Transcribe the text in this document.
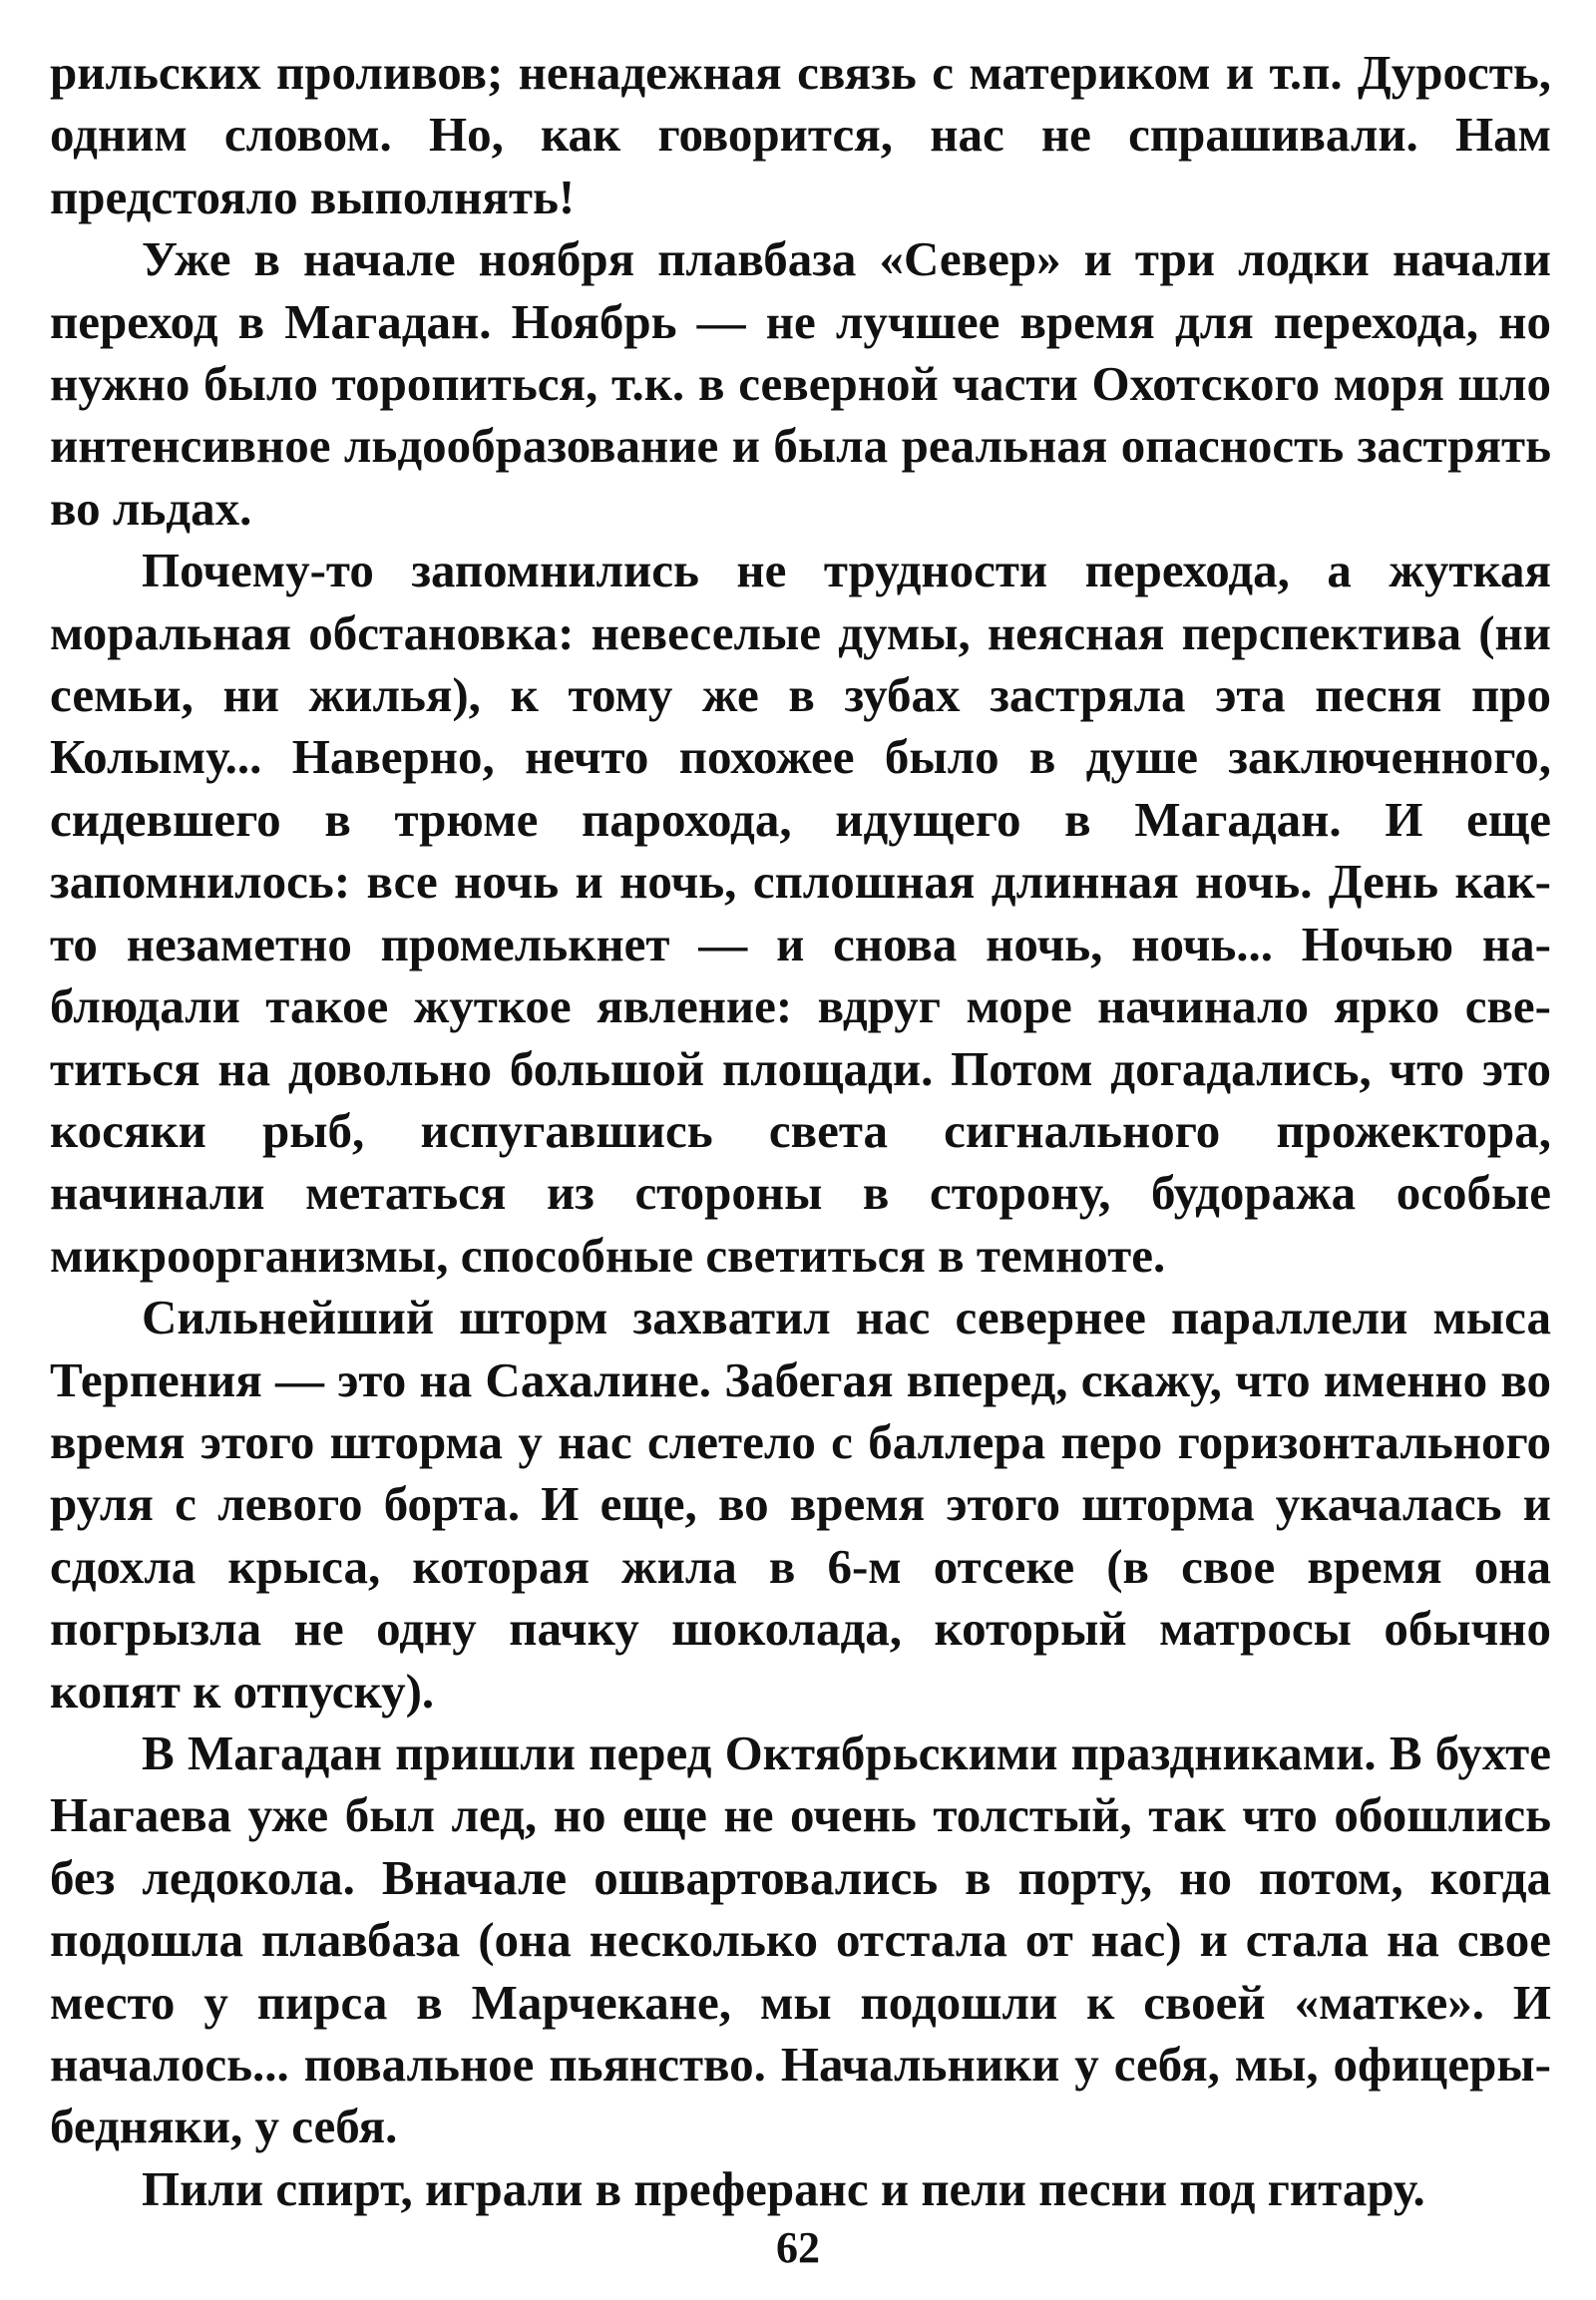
рильских проливов; ненадежная связь с материком и т.п. Дурость, одним словом. Но, как говорится, нас не спрашивали. Нам предстояло выполнять!

Уже в начале ноября плавбаза «Север» и три лодки начали переход в Магадан. Ноябрь — не лучшее время для перехода, но нужно было торопиться, т.к. в северной части Охотского моря шло интенсивное льдообразование и была реальная опасность застрять во льдах.

Почему-то запомнились не трудности перехода, а жуткая моральная обстановка: невеселые думы, неясная перспектива (ни семьи, ни жилья), к тому же в зубах застряла эта песня про Колыму... Наверно, нечто похожее было в душе заключенного, сидевшего в трюме парохода, идущего в Магадан. И еще запомнилось: все ночь и ночь, сплошная длинная ночь. День как-то незаметно промелькнет — и снова ночь, ночь... Ночью наблюдали такое жуткое явление: вдруг море начинало ярко светиться на довольно большой площади. Потом догадались, что это косяки рыб, испугавшись света сигнального прожектора, начинали метаться из стороны в сторону, будоража особые микроорганизмы, способные светиться в темноте.

Сильнейший шторм захватил нас севернее параллели мыса Терпения — это на Сахалине. Забегая вперед, скажу, что именно во время этого шторма у нас слетело с баллера перо горизонтального руля с левого борта. И еще, во время этого шторма укачалась и сдохла крыса, которая жила в 6-м отсеке (в свое время она погрызла не одну пачку шоколада, который матросы обычно копят к отпуску).

В Магадан пришли перед Октябрьскими праздниками. В бухте Нагаева уже был лед, но еще не очень толстый, так что обошлись без ледокола. Вначале ошвартовались в порту, но потом, когда подошла плавбаза (она несколько отстала от нас) и стала на свое место у пирса в Марчекане, мы подошли к своей «матке». И началось... повальное пьянство. Начальники у себя, мы, офицеры-бедняки, у себя.

Пили спирт, играли в преферанс и пели песни под гитару.

62
